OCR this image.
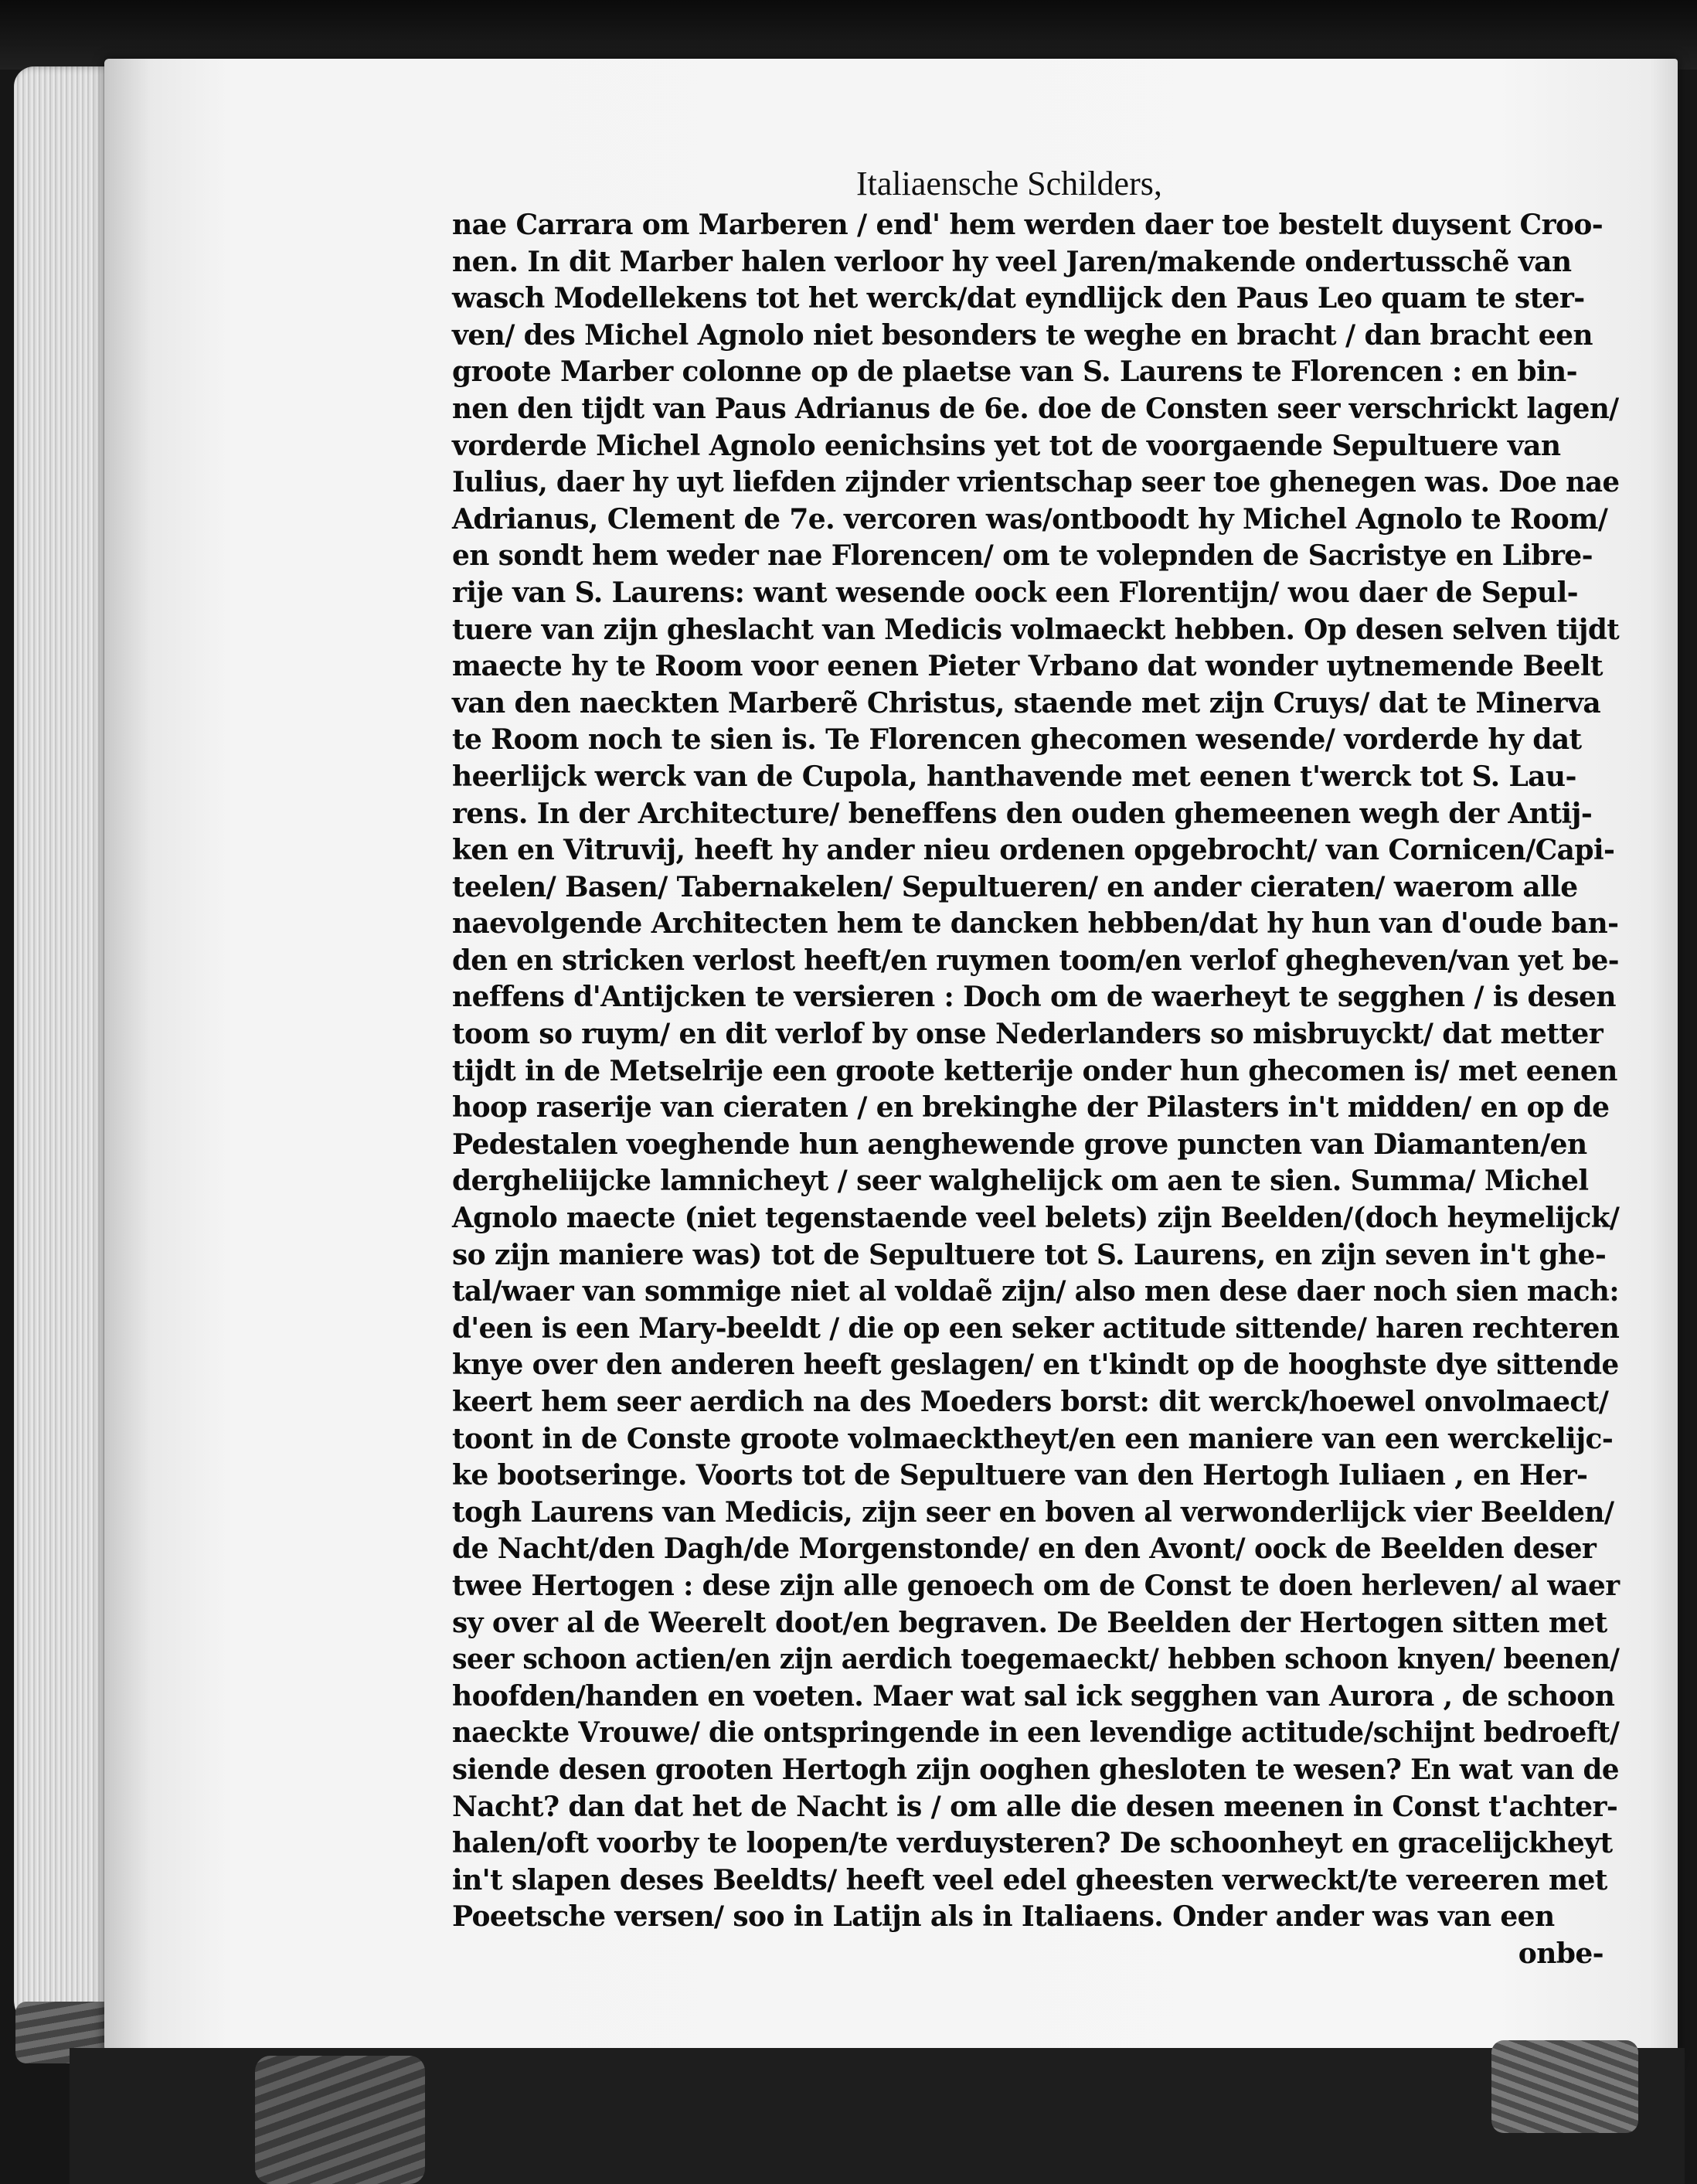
Italiaensche Schilders,
nae Carrara om Marberen / end' hem werden daer toe bestelt duysent Croo-
nen. In dit Marber halen verloor hy veel Jaren/makende ondertusschẽ van
wasch Modellekens tot het werck/dat eyndlijck den Paus Leo quam te ster-
ven/ des Michel Agnolo niet besonders te weghe en bracht / dan bracht een
groote Marber colonne op de plaetse van S. Laurens te Florencen : en bin-
nen den tijdt van Paus Adrianus de 6e. doe de Consten seer verschrickt lagen/
vorderde Michel Agnolo eenichsins yet tot de voorgaende Sepultuere van
Iulius, daer hy uyt liefden zijnder vrientschap seer toe ghenegen was. Doe nae
Adrianus, Clement de 7e. vercoren was/ontboodt hy Michel Agnolo te Room/
en sondt hem weder nae Florencen/ om te volepnden de Sacristye en Libre-
rije van S. Laurens: want wesende oock een Florentijn/ wou daer de Sepul-
tuere van zijn gheslacht van Medicis volmaeckt hebben. Op desen selven tijdt
maecte hy te Room voor eenen Pieter Vrbano dat wonder uytnemende Beelt
van den naeckten Marberẽ Christus, staende met zijn Cruys/ dat te Minerva
te Room noch te sien is. Te Florencen ghecomen wesende/ vorderde hy dat
heerlijck werck van de Cupola, hanthavende met eenen t'werck tot S. Lau-
rens. In der Architecture/ beneffens den ouden ghemeenen wegh der Antij-
ken en Vitruvij, heeft hy ander nieu ordenen opgebrocht/ van Cornicen/Capi-
teelen/ Basen/ Tabernakelen/ Sepultueren/ en ander cieraten/ waerom alle
naevolgende Architecten hem te dancken hebben/dat hy hun van d'oude ban-
den en stricken verlost heeft/en ruymen toom/en verlof ghegheven/van yet be-
neffens d'Antijcken te versieren : Doch om de waerheyt te segghen / is desen
toom so ruym/ en dit verlof by onse Nederlanders so misbruyckt/ dat metter
tijdt in de Metselrije een groote ketterije onder hun ghecomen is/ met eenen
hoop raserije van cieraten / en brekinghe der Pilasters in't midden/ en op de
Pedestalen voeghende hun aenghewende grove puncten van Diamanten/en
dergheliijcke lamnicheyt / seer walghelijck om aen te sien. Summa/ Michel
Agnolo maecte (niet tegenstaende veel belets) zijn Beelden/(doch heymelijck/
so zijn maniere was) tot de Sepultuere tot S. Laurens, en zijn seven in't ghe-
tal/waer van sommige niet al voldaẽ zijn/ also men dese daer noch sien mach:
d'een is een Mary-beeldt / die op een seker actitude sittende/ haren rechteren
knye over den anderen heeft geslagen/ en t'kindt op de hooghste dyе sittende
keert hem seer aerdich na des Moeders borst: dit werck/hoewel onvolmaect/
toont in de Conste groote volmaecktheyt/en een maniere van een werckelijc-
ke bootseringe. Voorts tot de Sepultuere van den Hertogh Iuliaen , en Her-
togh Laurens van Medicis, zijn seer en boven al verwonderlijck vier Beelden/
de Nacht/den Dagh/de Morgenstonde/ en den Avont/ oock de Beelden deser
twee Hertogen : dese zijn alle genoech om de Const te doen herleven/ al waer
sy over al de Weerelt doot/en begraven. De Beelden der Hertogen sitten met
seer schoon actien/en zijn aerdich toegemaeckt/ hebben schoon knyen/ beenen/
hoofden/handen en voeten. Maer wat sal ick segghen van Aurora , de schoon
naeckte Vrouwe/ die ontspringende in een levendige actitude/schijnt bedroeft/
siende desen grooten Hertogh zijn ooghen ghesloten te wesen? En wat van de
Nacht? dan dat het de Nacht is / om alle die desen meenen in Const t'achter-
halen/oft voorby te loopen/te verduysteren? De schoonheyt en gracelijckheyt
in't slapen deses Beeldts/ heeft veel edel gheesten verweckt/te vereeren met
Poeetsche versen/ soo in Latijn als in Italiaens. Onder ander was van een
onbe-
